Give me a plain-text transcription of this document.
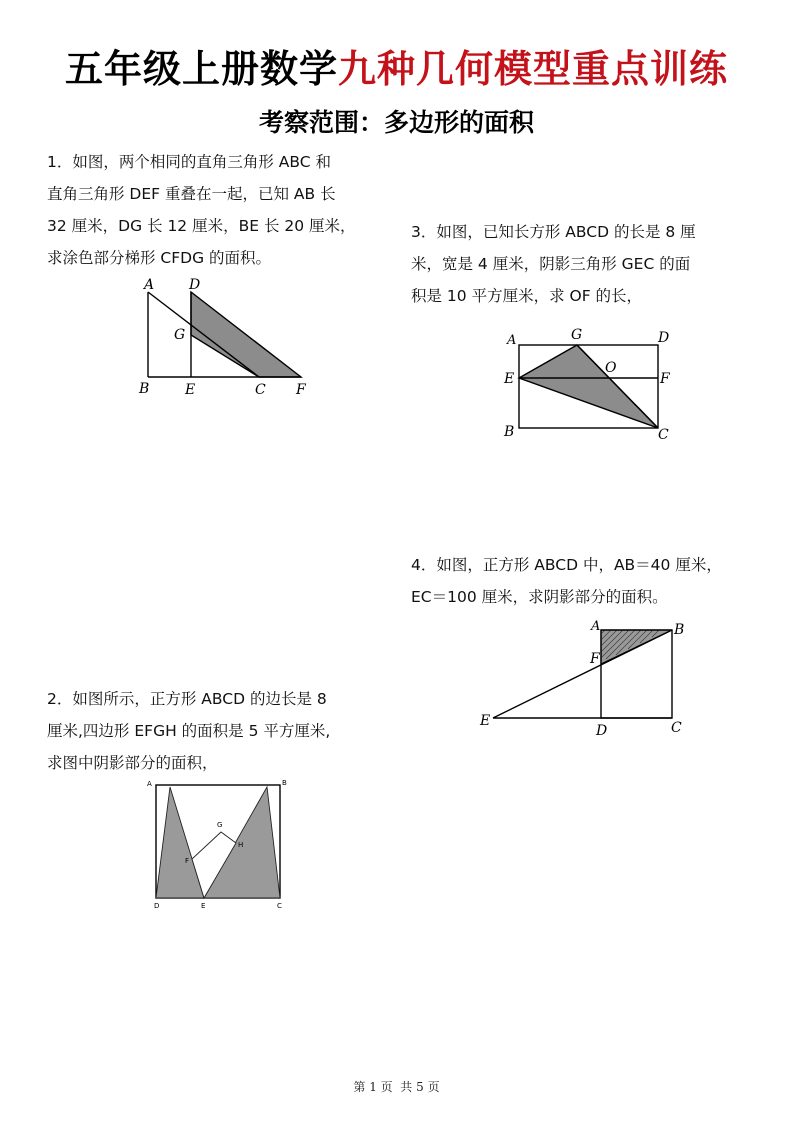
五年级上册数学九种几何模型重点训练
考察范围：多边形的面积
1．如图，两个相同的直角三角形 ABC 和
直角三角形 DEF 重叠在一起，已知 AB 长
32 厘米，DG 长 12 厘米，BE 长 20 厘米，
求涂色部分梯形 CFDG 的面积。
A D
G
B	E	C F
3．如图，已知长方形 ABCD 的长是 8 厘
米，宽是 4 厘米，阴影三角形 GEC 的面
积是 10 平方厘米，求 OF 的长，
A	G	D
O
E	F
B	C
4．如图，正方形 ABCD 中，AB＝40 厘米，
EC＝100 厘米，求阴影部分的面积。
A	B
F
E
D	C
2．如图所示，正方形 ABCD 的边长是 8
厘米,四边形 EFGH 的面积是 5 平方厘米,
求图中阴影部分的面积，
A	B
G
F
H
D	E	C
第 1 页  共 5 页
